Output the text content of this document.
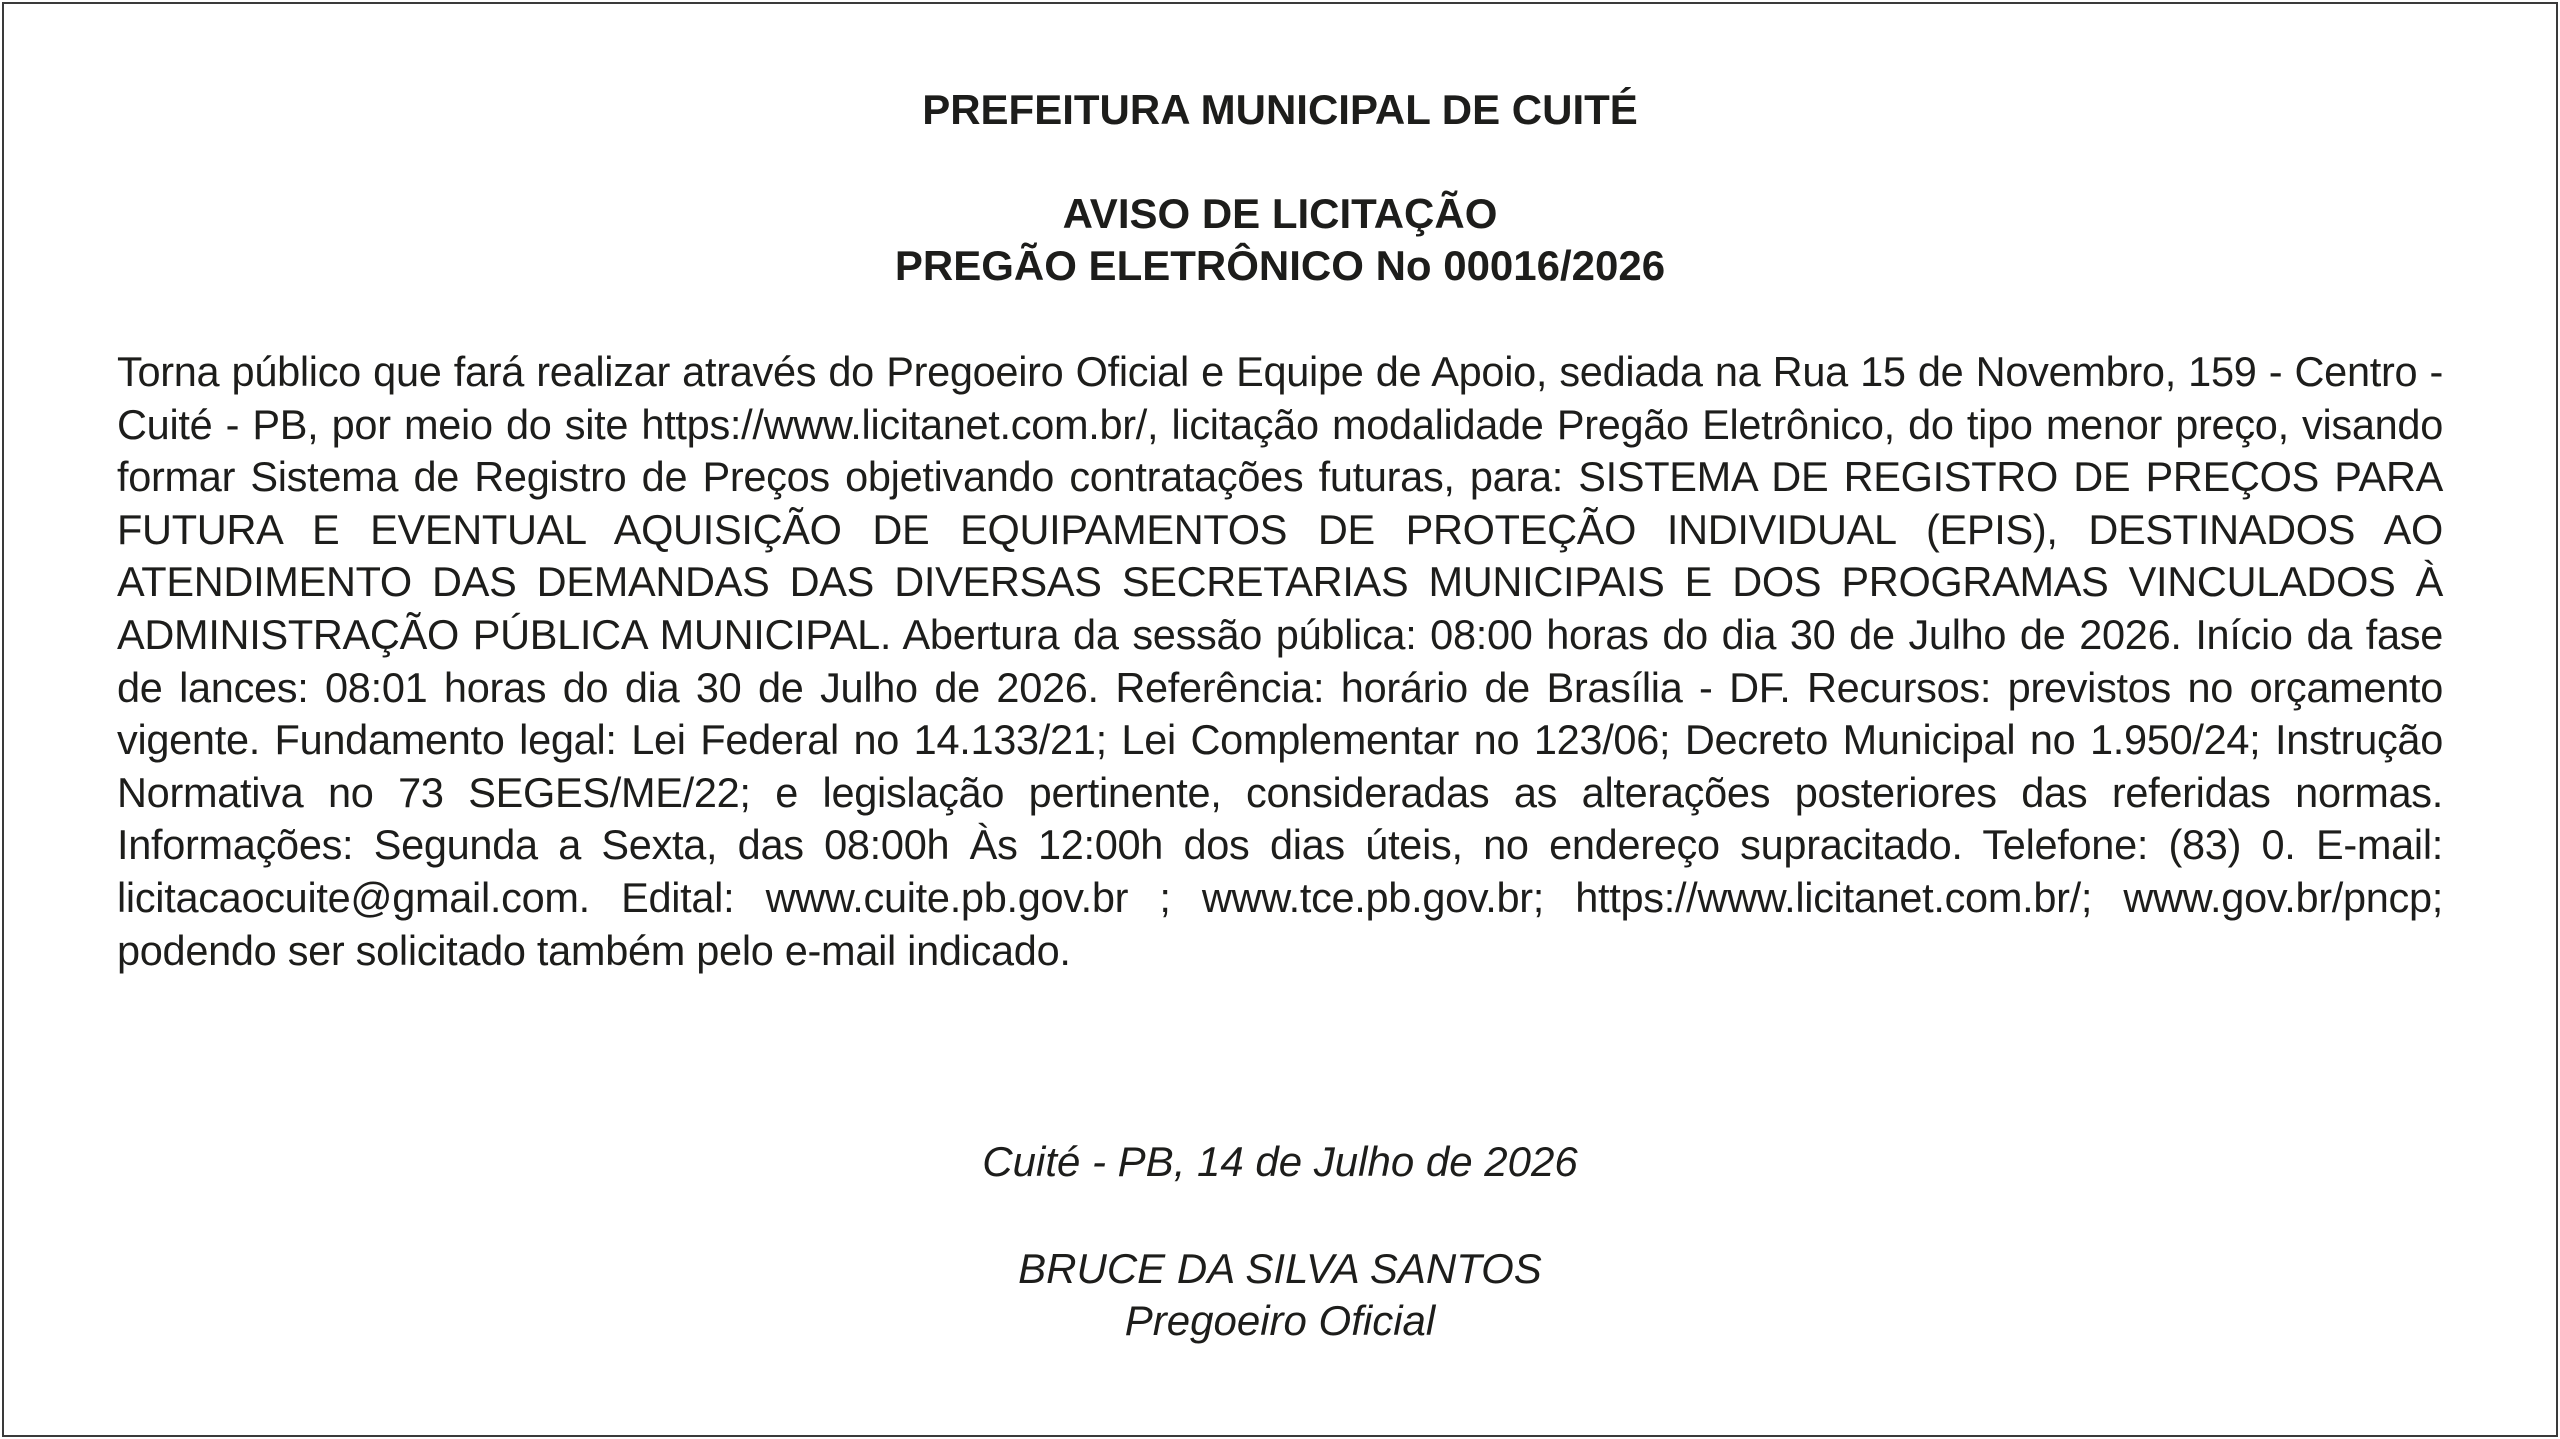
PREFEITURA MUNICIPAL DE CUITÉ

AVISO DE LICITAÇÃO

PREGÃO ELETRÔNICO No 00016/2026

Torna público que fará realizar através do Pregoeiro Oficial e Equipe de Apoio, sediada na Rua 15 de Novembro, 159 - Centro - Cuité - PB, por meio do site https://www.licitanet.com.br/, licitação modalidade Pregão Eletrônico, do tipo menor preço, visando formar Sistema de Registro de Preços objetivando contratações futuras, para: SISTEMA DE REGISTRO DE PREÇOS PARA FUTURA E EVENTUAL AQUISIÇÃO DE EQUIPAMENTOS DE PROTEÇÃO INDIVIDUAL (EPIS), DESTINADOS AO ATENDIMENTO DAS DEMANDAS DAS DIVERSAS SECRETARIAS MUNICIPAIS E DOS PROGRAMAS VINCULADOS À ADMINISTRAÇÃO PÚBLICA MUNICIPAL. Abertura da sessão pública: 08:00 horas do dia 30 de Julho de 2026. Início da fase de lances: 08:01 horas do dia 30 de Julho de 2026. Referência: horário de Brasília - DF. Recursos: previstos no orçamento vigente. Fundamento legal: Lei Federal no 14.133/21; Lei Complementar no 123/06; Decreto Municipal no 1.950/24; Instrução Normativa no 73 SEGES/ME/22; e legislação pertinente, consideradas as alterações posteriores das referidas normas. Informações: Segunda a Sexta, das 08:00h Às 12:00h dos dias úteis, no endereço supracitado. Telefone: (83) 0. E-mail: licitacaocuite@gmail.com. Edital: www.cuite.pb.gov.br ; www.tce.pb.gov.br; https://www.licitanet.com.br/; www.gov.br/pncp; podendo ser solicitado também pelo e-mail indicado.

Cuité - PB, 14 de Julho de 2026

BRUCE DA SILVA SANTOS

Pregoeiro Oficial
